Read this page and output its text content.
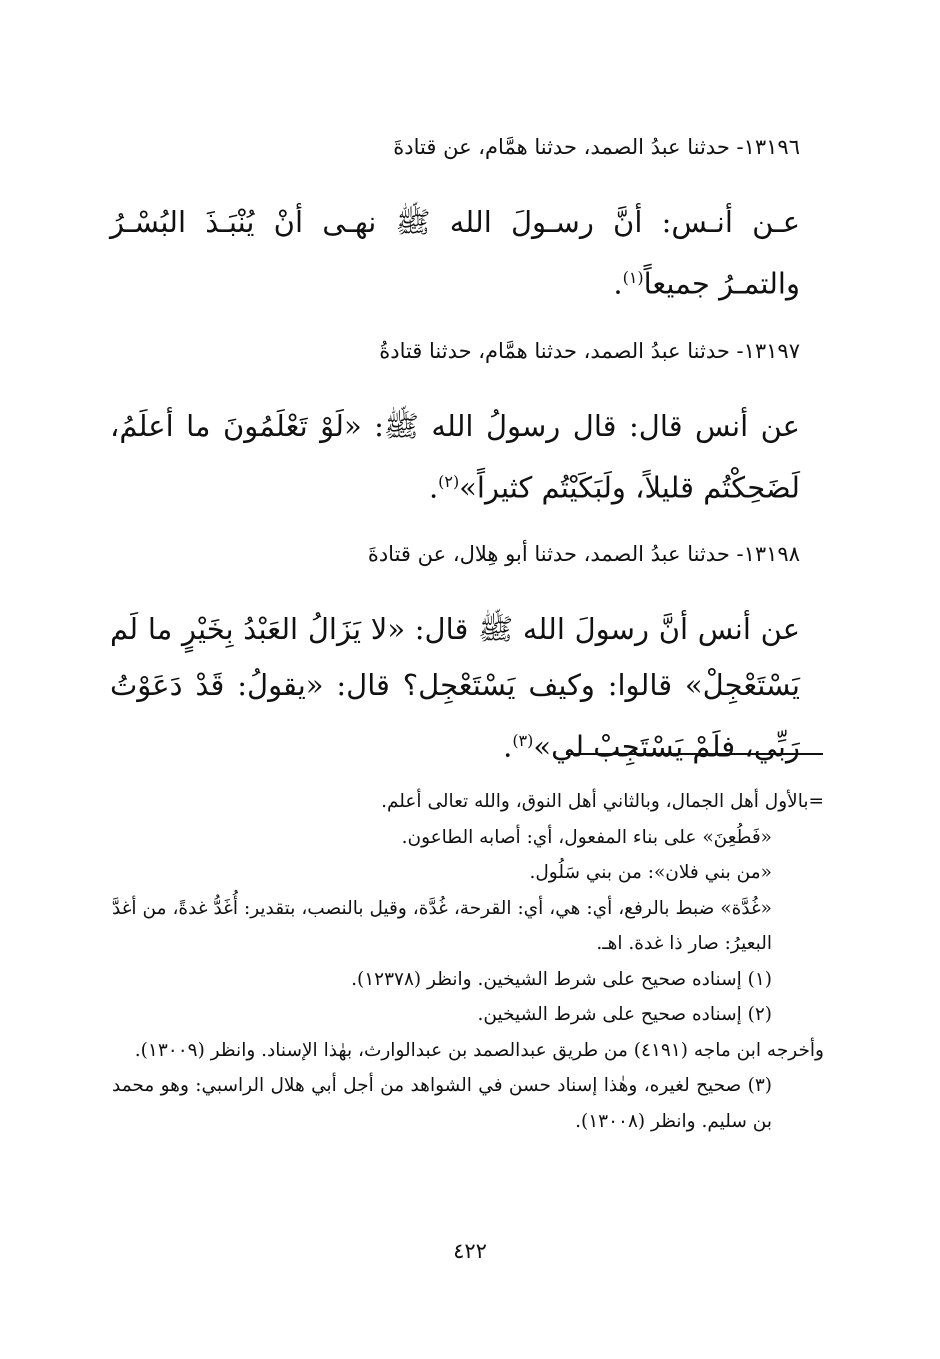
١٣١٩٦- حدثنا عبدُ الصمد، حدثنا همَّام، عن قتادةَ

عـن أنـس: أنَّ رسـولَ الله ﷺ نهـى أنْ يُنْبَـذَ البُسْـرُ والتمـرُ جميعاً$^{(١)}$.

١٣١٩٧- حدثنا عبدُ الصمد، حدثنا همَّام، حدثنا قتادةُ

عن أنس قال: قال رسولُ الله ﷺ: «لَوْ تَعْلَمُونَ ما أعلَمُ، لَضَحِكْتُم قليلاً، ولَبَكَيْتُم كثيراً»$^{(٢)}$.

١٣١٩٨- حدثنا عبدُ الصمد، حدثنا أبو هِلال، عن قتادةَ

عن أنس أنَّ رسولَ الله ﷺ قال: «لا يَزَالُ العَبْدُ بِخَيْرٍ ما لَم يَسْتَعْجِلْ» قالوا: وكيف يَسْتَعْجِل؟ قال: «يقولُ: قَدْ دَعَوْتُ رَبِّي، فلَمْ يَسْتَجِبْ لي»$^{(٣)}$.

=بالأول أهل الجمال، وبالثاني أهل النوق، والله تعالى أعلم.

«فَطُعِنَ» على بناء المفعول، أي: أصابه الطاعون.

«من بني فلان»: من بني سَلُول.

«غُدَّة» ضبط بالرفع، أي: هي، أي: القرحة، غُدَّة، وقيل بالنصب، بتقدير: أُغَدُّ غدةً، من أغدَّ البعيرُ: صار ذا غدة. اهـ.

(١) إسناده صحيح على شرط الشيخين. وانظر (١٢٣٧٨).

(٢) إسناده صحيح على شرط الشيخين.

وأخرجه ابن ماجه (٤١٩١) من طريق عبدالصمد بن عبدالوارث، بهٰذا الإسناد. وانظر (١٣٠٠٩).

(٣) صحيح لغيره، وهٰذا إسناد حسن في الشواهد من أجل أبي هلال الراسبي: وهو محمد بن سليم. وانظر (١٣٠٠٨).

٤٢٢
